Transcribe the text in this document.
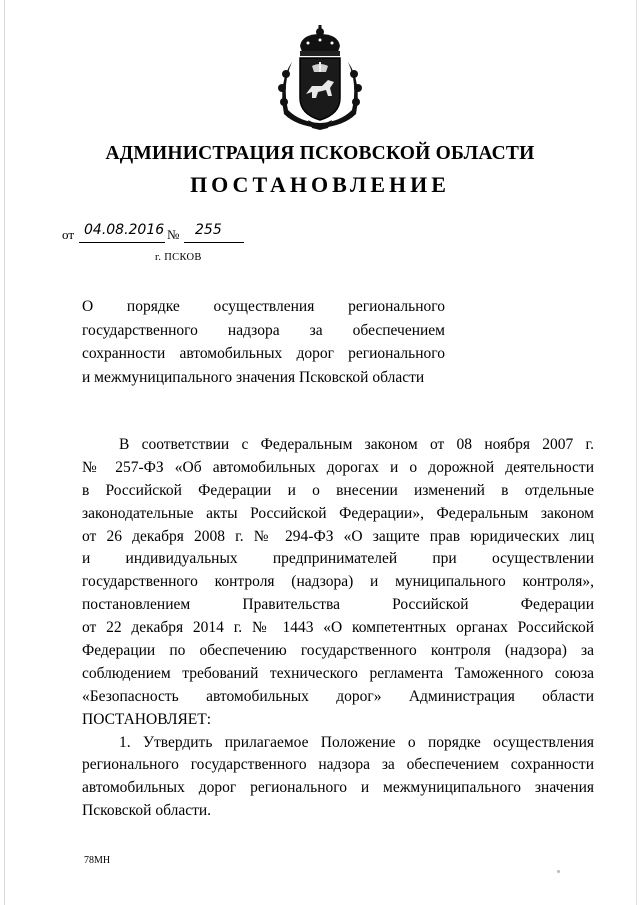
АДМИНИСТРАЦИЯ ПСКОВСКОЙ ОБЛАСТИ
ПОСТАНОВЛЕНИЕ
от 04.08.2016 № 255
г. ПСКОВ
О порядке осуществления регионального
государственного надзора за обеспечением
сохранности автомобильных дорог регионального
и межмуниципального значения Псковской области
В соответствии с Федеральным законом от 08 ноября 2007 г.
№ 257-ФЗ «Об автомобильных дорогах и о дорожной деятельности
в Российской Федерации и о внесении изменений в отдельные
законодательные акты Российской Федерации», Федеральным законом
от 26 декабря 2008 г. № 294-ФЗ «О защите прав юридических лиц
и индивидуальных предпринимателей при осуществлении
государственного контроля (надзора) и муниципального контроля»,
постановлением Правительства Российской Федерации
от 22 декабря 2014 г. № 1443 «О компетентных органах Российской
Федерации по обеспечению государственного контроля (надзора) за
соблюдением требований технического регламента Таможенного союза
«Безопасность автомобильных дорог» Администрация области
ПОСТАНОВЛЯЕТ:
1. Утвердить прилагаемое Положение о порядке осуществления
регионального государственного надзора за обеспечением сохранности
автомобильных дорог регионального и межмуниципального значения
Псковской области.
78МН
